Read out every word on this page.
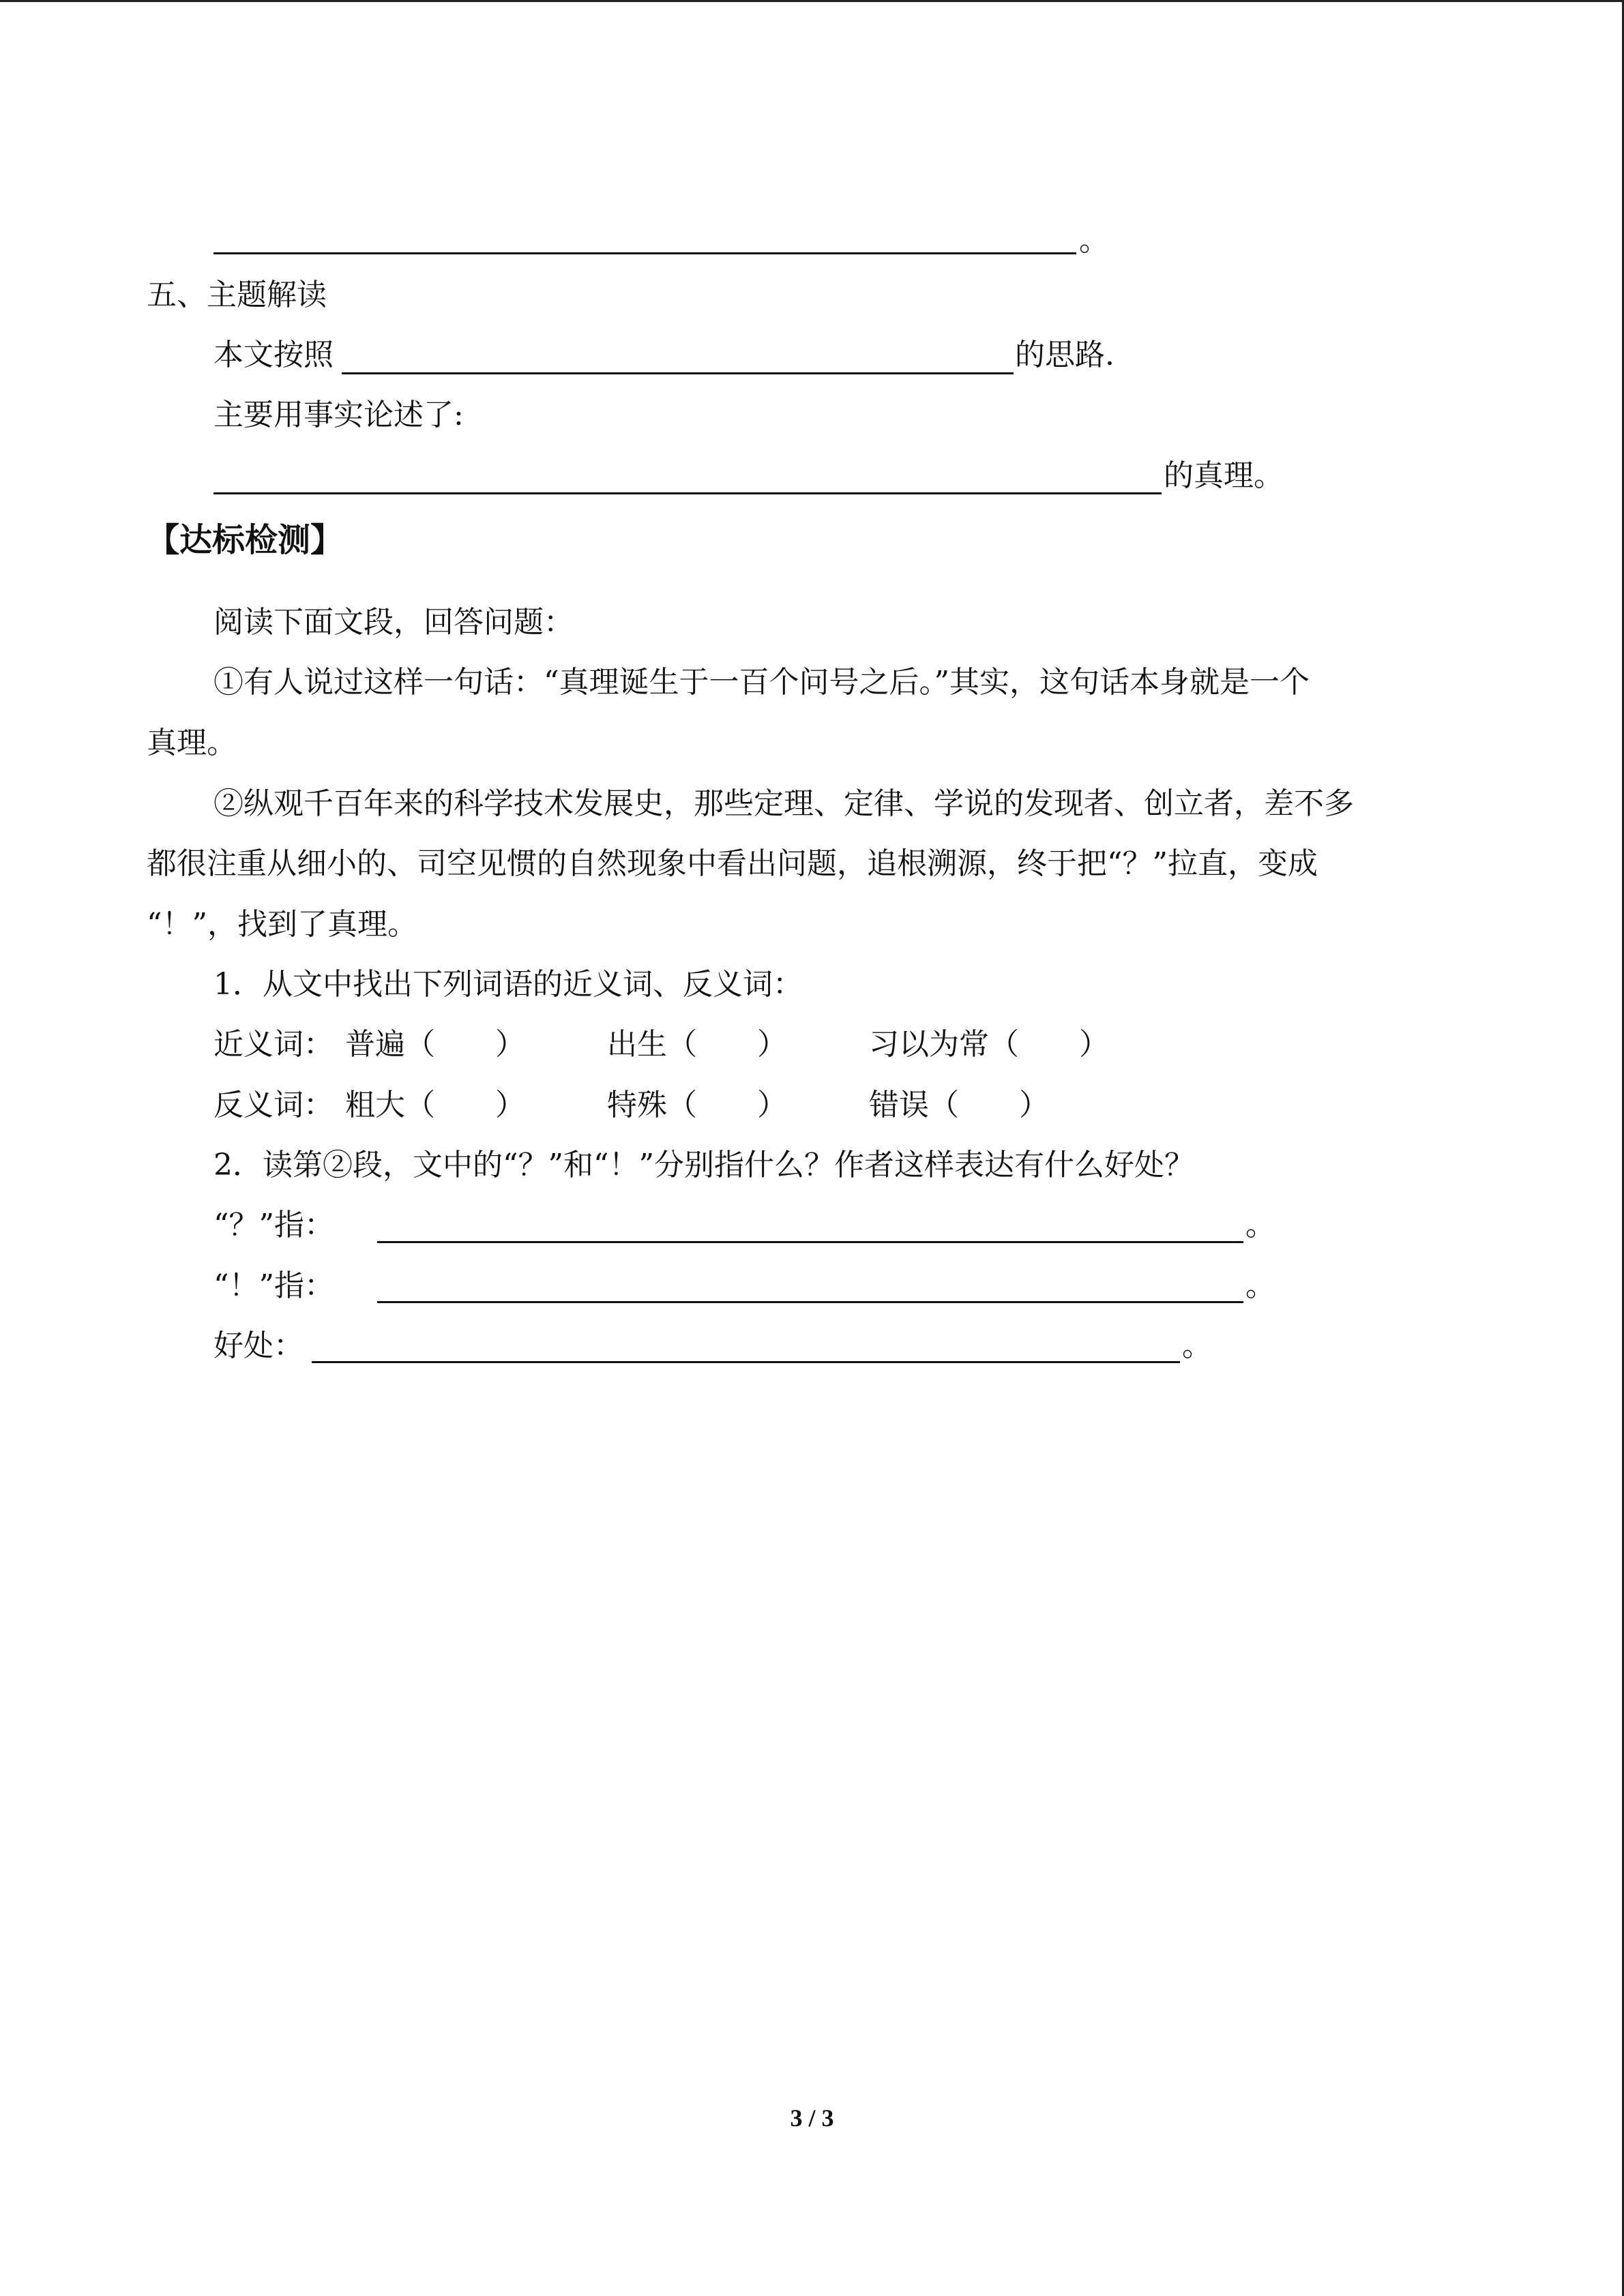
。
五、主题解读
本文按照	的思路.
主要用事实论述了:
的真理。
【达标检测】
阅读下面文段，回答问题：
①有人说过这样一句话：“真理诞生于一百个问号之后。”其实，这句话本身就是一个
真理。
②纵观千百年来的科学技术发展史，那些定理、定律、学说的发现者、创立者，差不多
都很注重从细小的、司空见惯的自然现象中看出问题，追根溯源，终于把“？”拉直，变成
“！”，找到了真理。
1．从文中找出下列词语的近义词、反义词：
近义词： 普遍（　　）	出生（　　）	习以为常（　　）
反义词： 粗大（　　）	特殊（　　）	错误（　　）
2．读第②段，文中的“？”和“！”分别指什么？作者这样表达有什么好处？
“？”指：	。
“！”指：	。
好处：	。
3 / 3
